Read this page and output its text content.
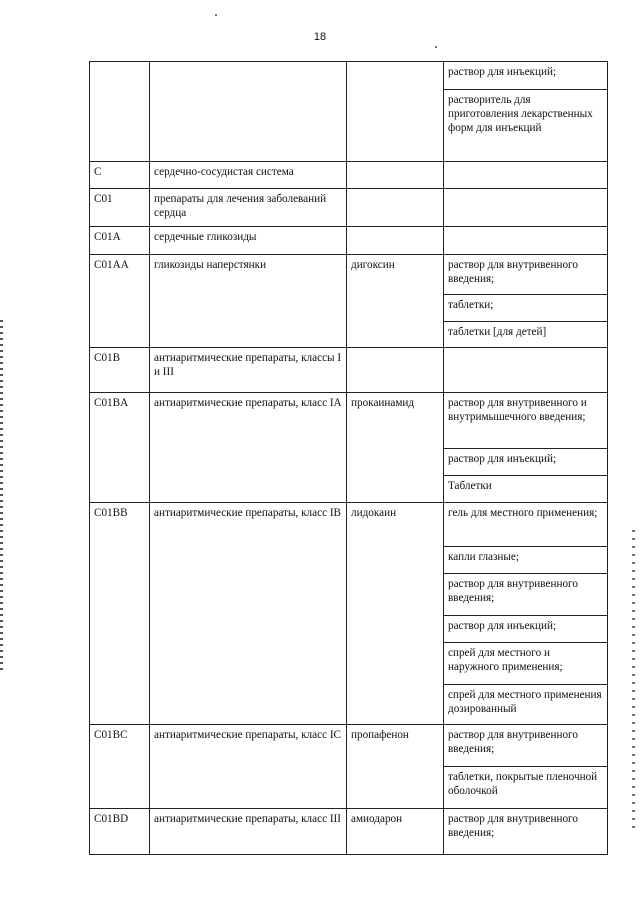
18
			раствор для инъекций;
			растворитель для приготовления лекарственных форм для инъекций
C	сердечно-сосудистая система		
C01	препараты для лечения заболеваний сердца		
C01A	сердечные гликозиды		
C01AA	гликозиды наперстянки	дигоксин	раствор для внутривенного введения;
			таблетки;
			таблетки [для детей]
C01B	антиаритмические препараты, классы I и III		
C01BA	антиаритмические препараты, класс IA	прокаинамид	раствор для внутривенного и внутримышечного введения;
			раствор для инъекций;
			Таблетки
C01BB	антиаритмические препараты, класс IB	лидокаин	гель для местного применения;
			капли глазные;
			раствор для внутривенного введения;
			раствор для инъекций;
			спрей для местного и наружного применения;
			спрей для местного применения дозированный
C01BC	антиаритмические препараты, класс IC	пропафенон	раствор для внутривенного введения;
			таблетки, покрытые пленочной оболочкой
C01BD	антиаритмические препараты, класс III	амиодарон	раствор для внутривенного введения;
